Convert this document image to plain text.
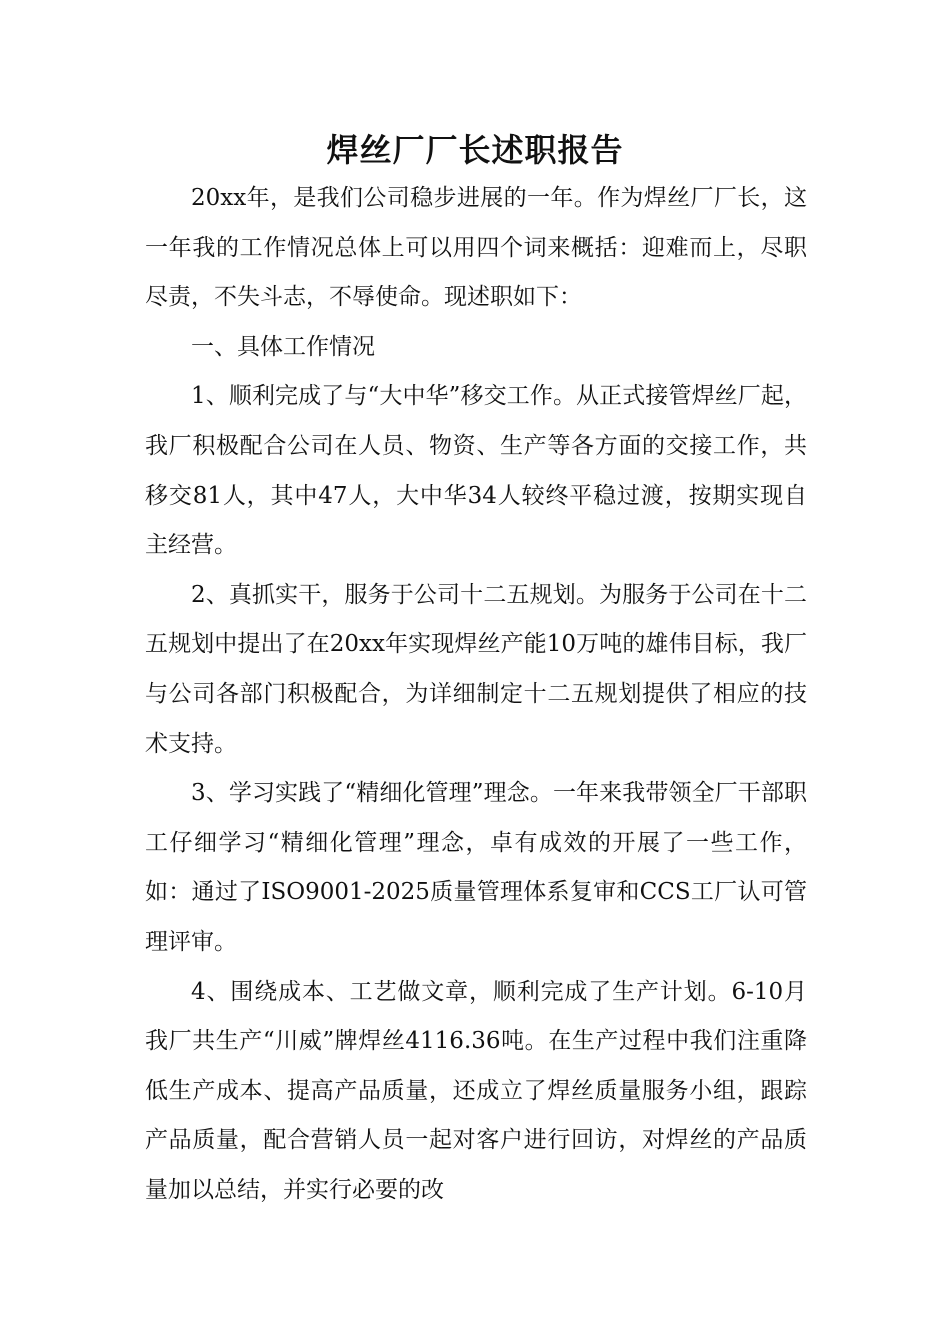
焊丝厂厂长述职报告

20xx年，是我们公司稳步进展的一年。作为焊丝厂厂长，这一年我的工作情况总体上可以用四个词来概括：迎难而上，尽职尽责，不失斗志，不辱使命。现述职如下：

一、具体工作情况

1、顺利完成了与“大中华”移交工作。从正式接管焊丝厂起，我厂积极配合公司在人员、物资、生产等各方面的交接工作，共移交81人，其中47人，大中华34人较终平稳过渡，按期实现自主经营。

2、真抓实干，服务于公司十二五规划。为服务于公司在十二五规划中提出了在20xx年实现焊丝产能10万吨的雄伟目标，我厂与公司各部门积极配合，为详细制定十二五规划提供了相应的技术支持。

3、学习实践了“精细化管理”理念。一年来我带领全厂干部职工仔细学习“精细化管理”理念，卓有成效的开展了一些工作，如：通过了ISO9001-2025质量管理体系复审和CCS工厂认可管理评审。

4、围绕成本、工艺做文章，顺利完成了生产计划。6-10月我厂共生产“川威”牌焊丝4116.36吨。在生产过程中我们注重降低生产成本、提高产品质量，还成立了焊丝质量服务小组，跟踪产品质量，配合营销人员一起对客户进行回访，对焊丝的产品质量加以总结，并实行必要的改
